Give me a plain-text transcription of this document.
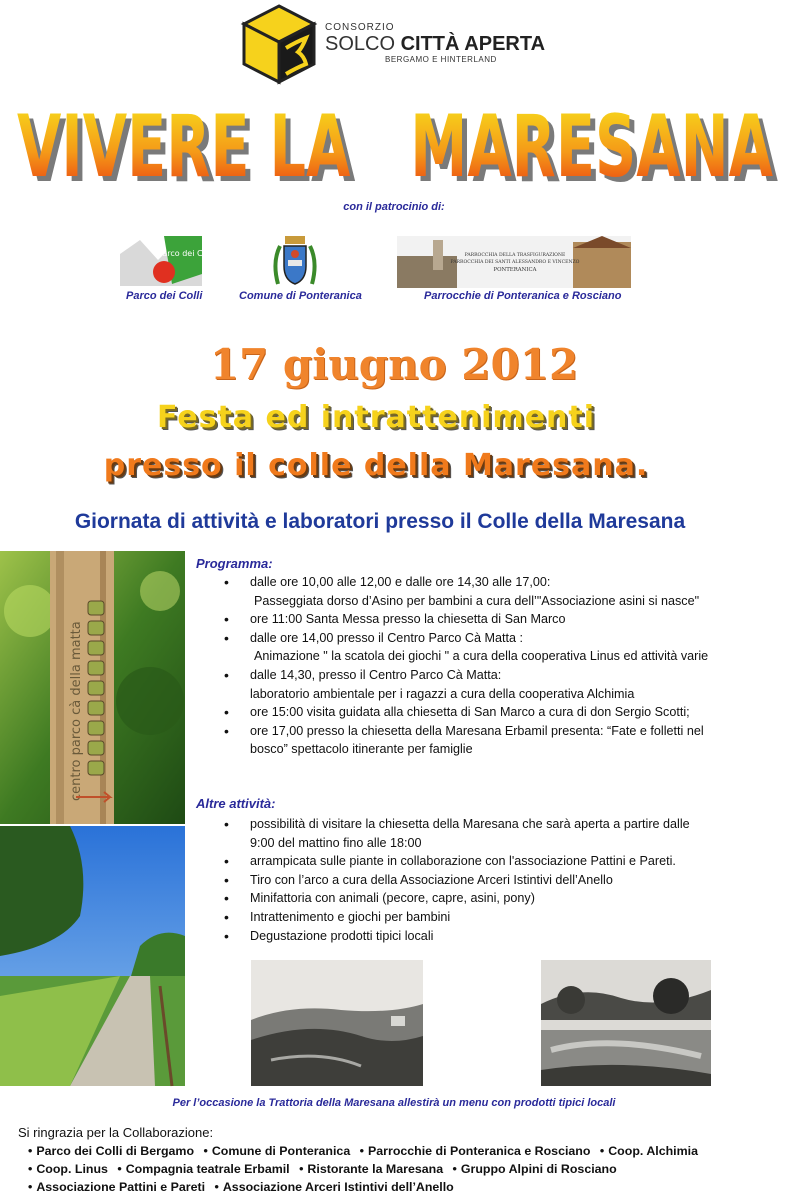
CONSORZIO
SOLCO CITTÀ APERTA
BERGAMO E HINTERLAND
VIVERE LA   MARESANA
VIVERE LA   MARESANA
con il patrocinio di:
Parco dei Colli	PARROCCHIA DELLA TRASFIGURAZIONE
PARROCCHIA DEI SANTI ALESSANDRO E VINCENZO
PONTERANICA
Parco dei Colli	Comune di Ponteranica	Parrocchie di Ponteranica e Rosciano
17 giugno 2012
Festa ed intrattenimenti
presso il colle della Maresana.
Giornata di attività e laboratori presso il Colle della Maresana
centro parco cà della matta
Programma:
• dalle ore 10,00 alle 12,00 e dalle ore 14,30 alle 17,00:
Passeggiata dorso d’Asino per bambini a cura dell’"Associazione asini si nasce"
• ore 11:00 Santa Messa presso la chiesetta di San Marco
• dalle ore 14,00 presso il Centro Parco Cà Matta :
Animazione " la scatola dei giochi " a cura della cooperativa Linus ed attività varie
• dalle 14,30, presso il Centro Parco Cà Matta:
laboratorio ambientale per i ragazzi a cura della cooperativa Alchimia
• ore 15:00 visita guidata alla chiesetta di San Marco a cura di don Sergio Scotti;
• ore 17,00 presso la chiesetta della Maresana Erbamil presenta: “Fate e folletti nel
bosco” spettacolo itinerante per famiglie
Altre attività:
• possibilità di visitare la chiesetta della Maresana che sarà aperta a partire dalle
9:00 del mattino fino alle 18:00
• arrampicata sulle piante in collaborazione con l'associazione Pattini e Pareti.
• Tiro con l’arco a cura della Associazione Arceri Istintivi dell’Anello
• Minifattoria con animali (pecore, capre, asini, pony)
• Intrattenimento e giochi per bambini
• Degustazione prodotti tipici locali
Per l’occasione la Trattoria della Maresana allestirà un menu con prodotti tipici locali
Si ringrazia per la Collaborazione:
• Parco dei Colli di Bergamo • Comune di Ponteranica • Parrocchie di Ponteranica e Rosciano • Coop. Alchimia
• Coop. Linus • Compagnia teatrale Erbamil • Ristorante la Maresana • Gruppo Alpini di Rosciano
• Associazione Pattini e Pareti • Associazione Arceri Istintivi dell’Anello
